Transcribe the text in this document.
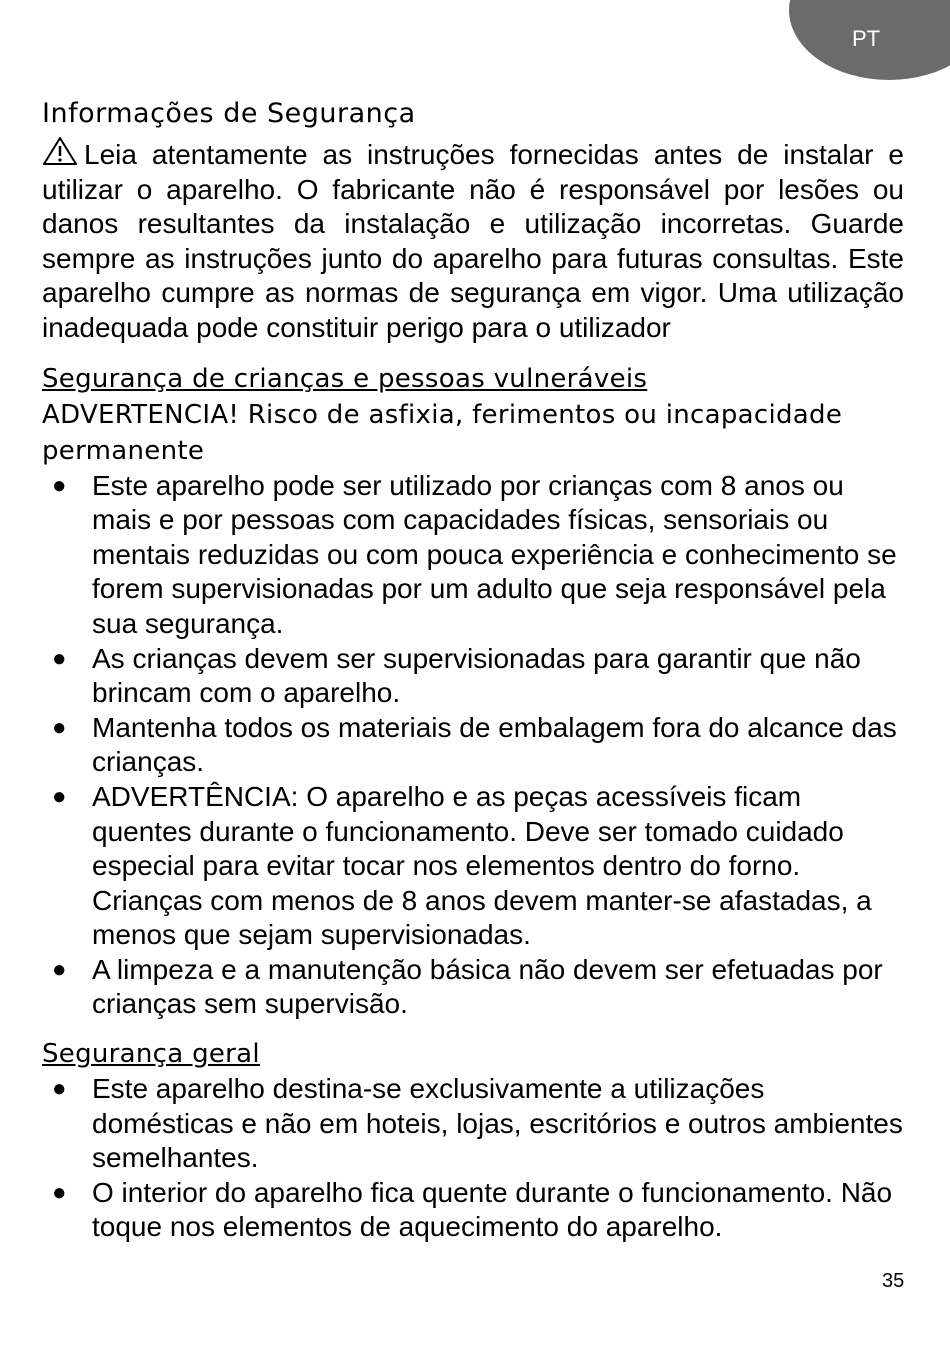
PT
Informações de Segurança

Leia atentamente as instruções fornecidas antes de instalar e utilizar o aparelho. O fabricante não é responsável por lesões ou danos resultantes da instalação e utilização incorretas. Guarde sempre as instruções junto do aparelho para futuras consultas. Este aparelho cumpre as normas de segurança em vigor. Uma utilização inadequada pode constituir perigo para o utilizador

Segurança de crianças e pessoas vulneráveis

ADVERTENCIA! Risco de asfixia, ferimentos ou incapacidade permanente

● Este aparelho pode ser utilizado por crianças com 8 anos ou mais e por pessoas com capacidades físicas, sensoriais ou mentais reduzidas ou com pouca experiência e conhecimento se forem supervisionadas por um adulto que seja responsável pela sua segurança.
● As crianças devem ser supervisionadas para garantir que não brincam com o aparelho.
● Mantenha todos os materiais de embalagem fora do alcance das crianças.
● ADVERTÊNCIA: O aparelho e as peças acessíveis ficam quentes durante o funcionamento. Deve ser tomado cuidado especial para evitar tocar nos elementos dentro do forno. Crianças com menos de 8 anos devem manter-se afastadas, a menos que sejam supervisionadas.
● A limpeza e a manutenção básica não devem ser efetuadas por crianças sem supervisão.

Segurança geral

● Este aparelho destina-se exclusivamente a utilizações domésticas e não em hoteis, lojas, escritórios e outros ambientes semelhantes.
● O interior do aparelho fica quente durante o funcionamento. Não toque nos elementos de aquecimento do aparelho.
35
